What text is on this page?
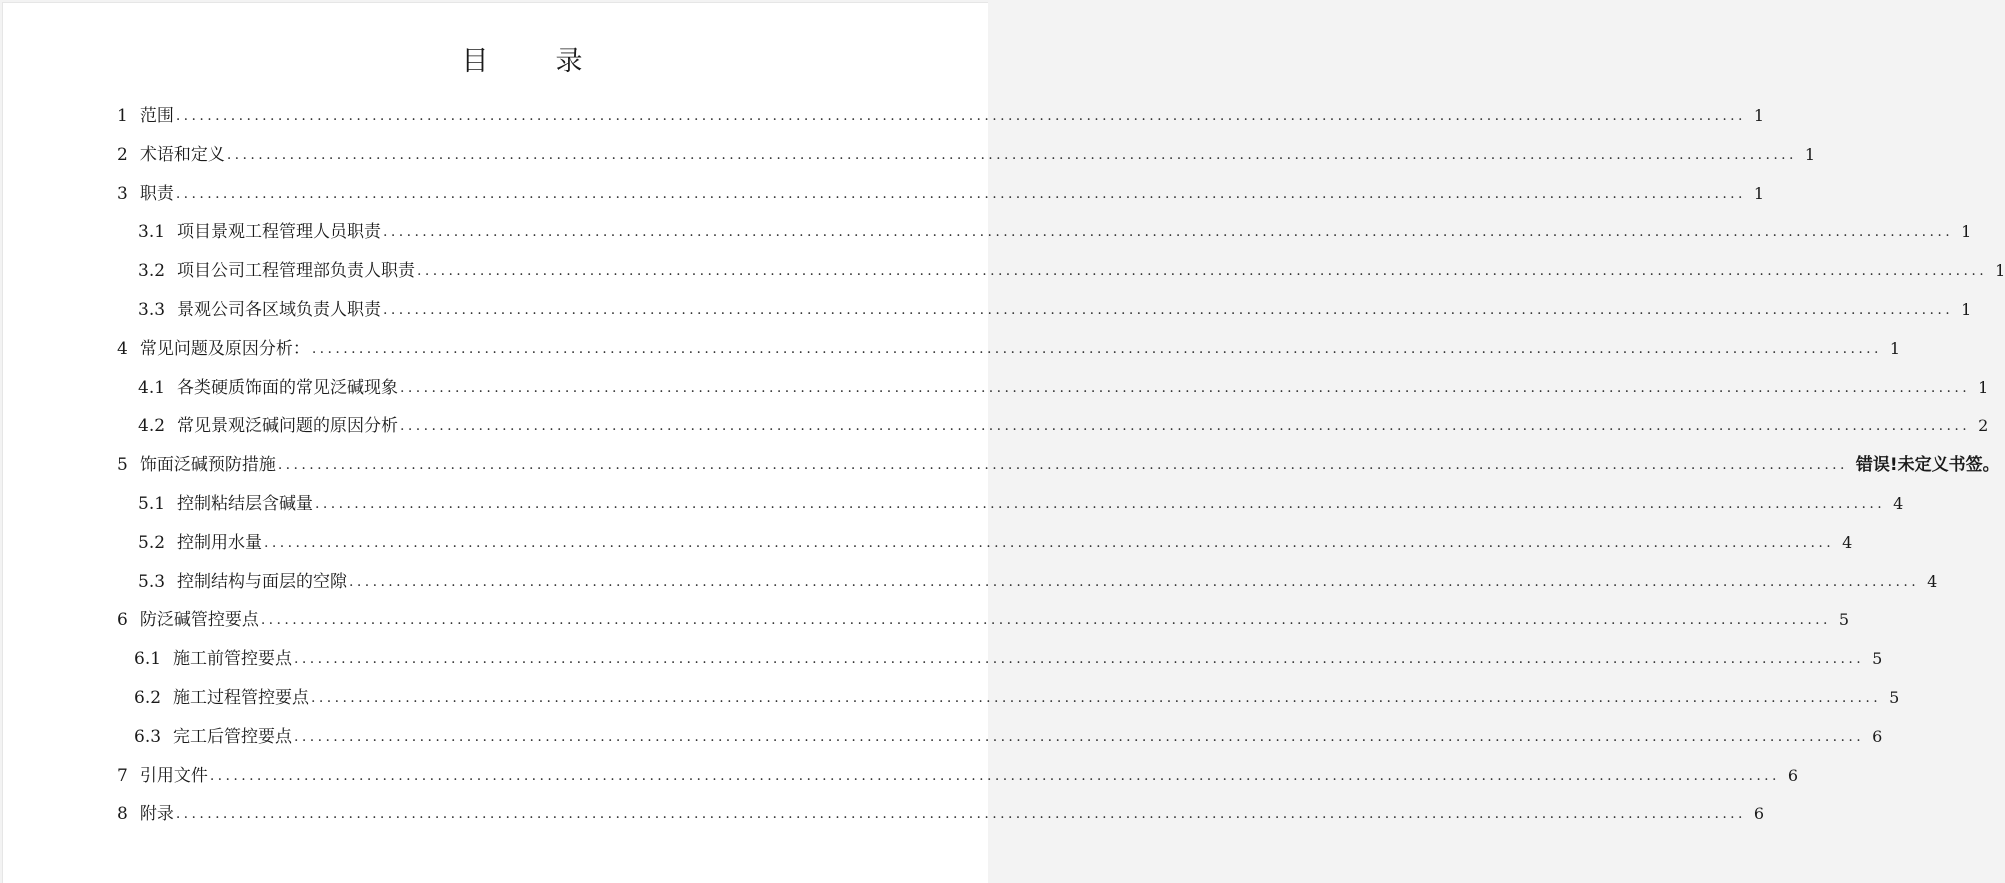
目　录
1 范围 ........................................................................................................................................................................................................ 1
2 术语和定义 ........................................................................................................................................................................................................ 1
3 职责 ........................................................................................................................................................................................................ 1
3.1 项目景观工程管理人员职责 ........................................................................................................................................................................................................ 1
3.2 项目公司工程管理部负责人职责 ........................................................................................................................................................................................................ 1
3.3 景观公司各区域负责人职责 ........................................................................................................................................................................................................ 1
4 常见问题及原因分析： ........................................................................................................................................................................................................ 1
4.1 各类硬质饰面的常见泛碱现象 ........................................................................................................................................................................................................ 1
4.2 常见景观泛碱问题的原因分析 ........................................................................................................................................................................................................ 2
5 饰面泛碱预防措施 ........................................................................................................................................................................................................ 错误!未定义书签。
5.1 控制粘结层含碱量 ........................................................................................................................................................................................................ 4
5.2 控制用水量 ........................................................................................................................................................................................................ 4
5.3 控制结构与面层的空隙 ........................................................................................................................................................................................................ 4
6 防泛碱管控要点 ........................................................................................................................................................................................................ 5
6.1 施工前管控要点 ........................................................................................................................................................................................................ 5
6.2 施工过程管控要点 ........................................................................................................................................................................................................ 5
6.3 完工后管控要点 ........................................................................................................................................................................................................ 6
7 引用文件 ........................................................................................................................................................................................................ 6
8 附录 ........................................................................................................................................................................................................ 6
